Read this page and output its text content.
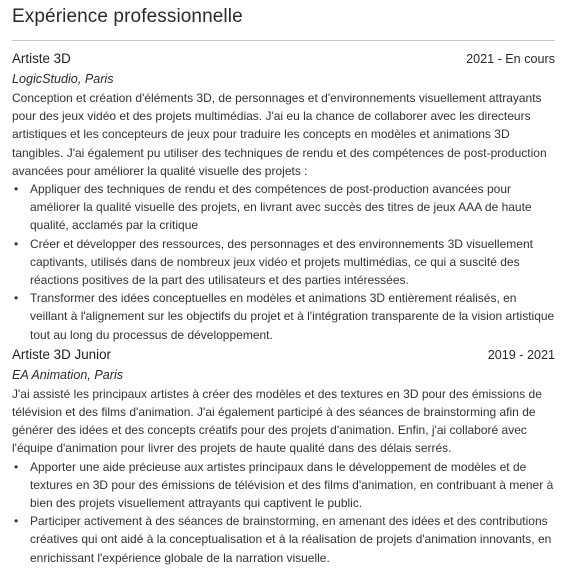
Expérience professionnelle
Artiste 3D	2021 - En cours
LogicStudio, Paris

Conception et création d'éléments 3D, de personnages et d'environnements visuellement attrayants pour des jeux vidéo et des projets multimédias. J'ai eu la chance de collaborer avec les directeurs artistiques et les concepteurs de jeux pour traduire les concepts en modèles et animations 3D tangibles. J'ai également pu utiliser des techniques de rendu et des compétences de post-production avancées pour améliorer la qualité visuelle des projets :

• Appliquer des techniques de rendu et des compétences de post-production avancées pour améliorer la qualité visuelle des projets, en livrant avec succès des titres de jeux AAA de haute qualité, acclamés par la critique
• Créer et développer des ressources, des personnages et des environnements 3D visuellement captivants, utilisés dans de nombreux jeux vidéo et projets multimédias, ce qui a suscité des réactions positives de la part des utilisateurs et des parties intéressées.
• Transformer des idées conceptuelles en modèles et animations 3D entièrement réalisés, en veillant à l'alignement sur les objectifs du projet et à l'intégration transparente de la vision artistique tout au long du processus de développement.
Artiste 3D Junior	2019 - 2021
EA Animation, Paris

J'ai assisté les principaux artistes à créer des modèles et des textures en 3D pour des émissions de télévision et des films d'animation. J'ai également participé à des séances de brainstorming afin de générer des idées et des concepts créatifs pour des projets d'animation. Enfin, j'ai collaboré avec l'équipe d'animation pour livrer des projets de haute qualité dans des délais serrés.

• Apporter une aide précieuse aux artistes principaux dans le développement de modèles et de textures en 3D pour des émissions de télévision et des films d'animation, en contribuant à mener à bien des projets visuellement attrayants qui captivent le public.
• Participer activement à des séances de brainstorming, en amenant des idées et des contributions créatives qui ont aidé à la conceptualisation et à la réalisation de projets d'animation innovants, en enrichissant l'expérience globale de la narration visuelle.
